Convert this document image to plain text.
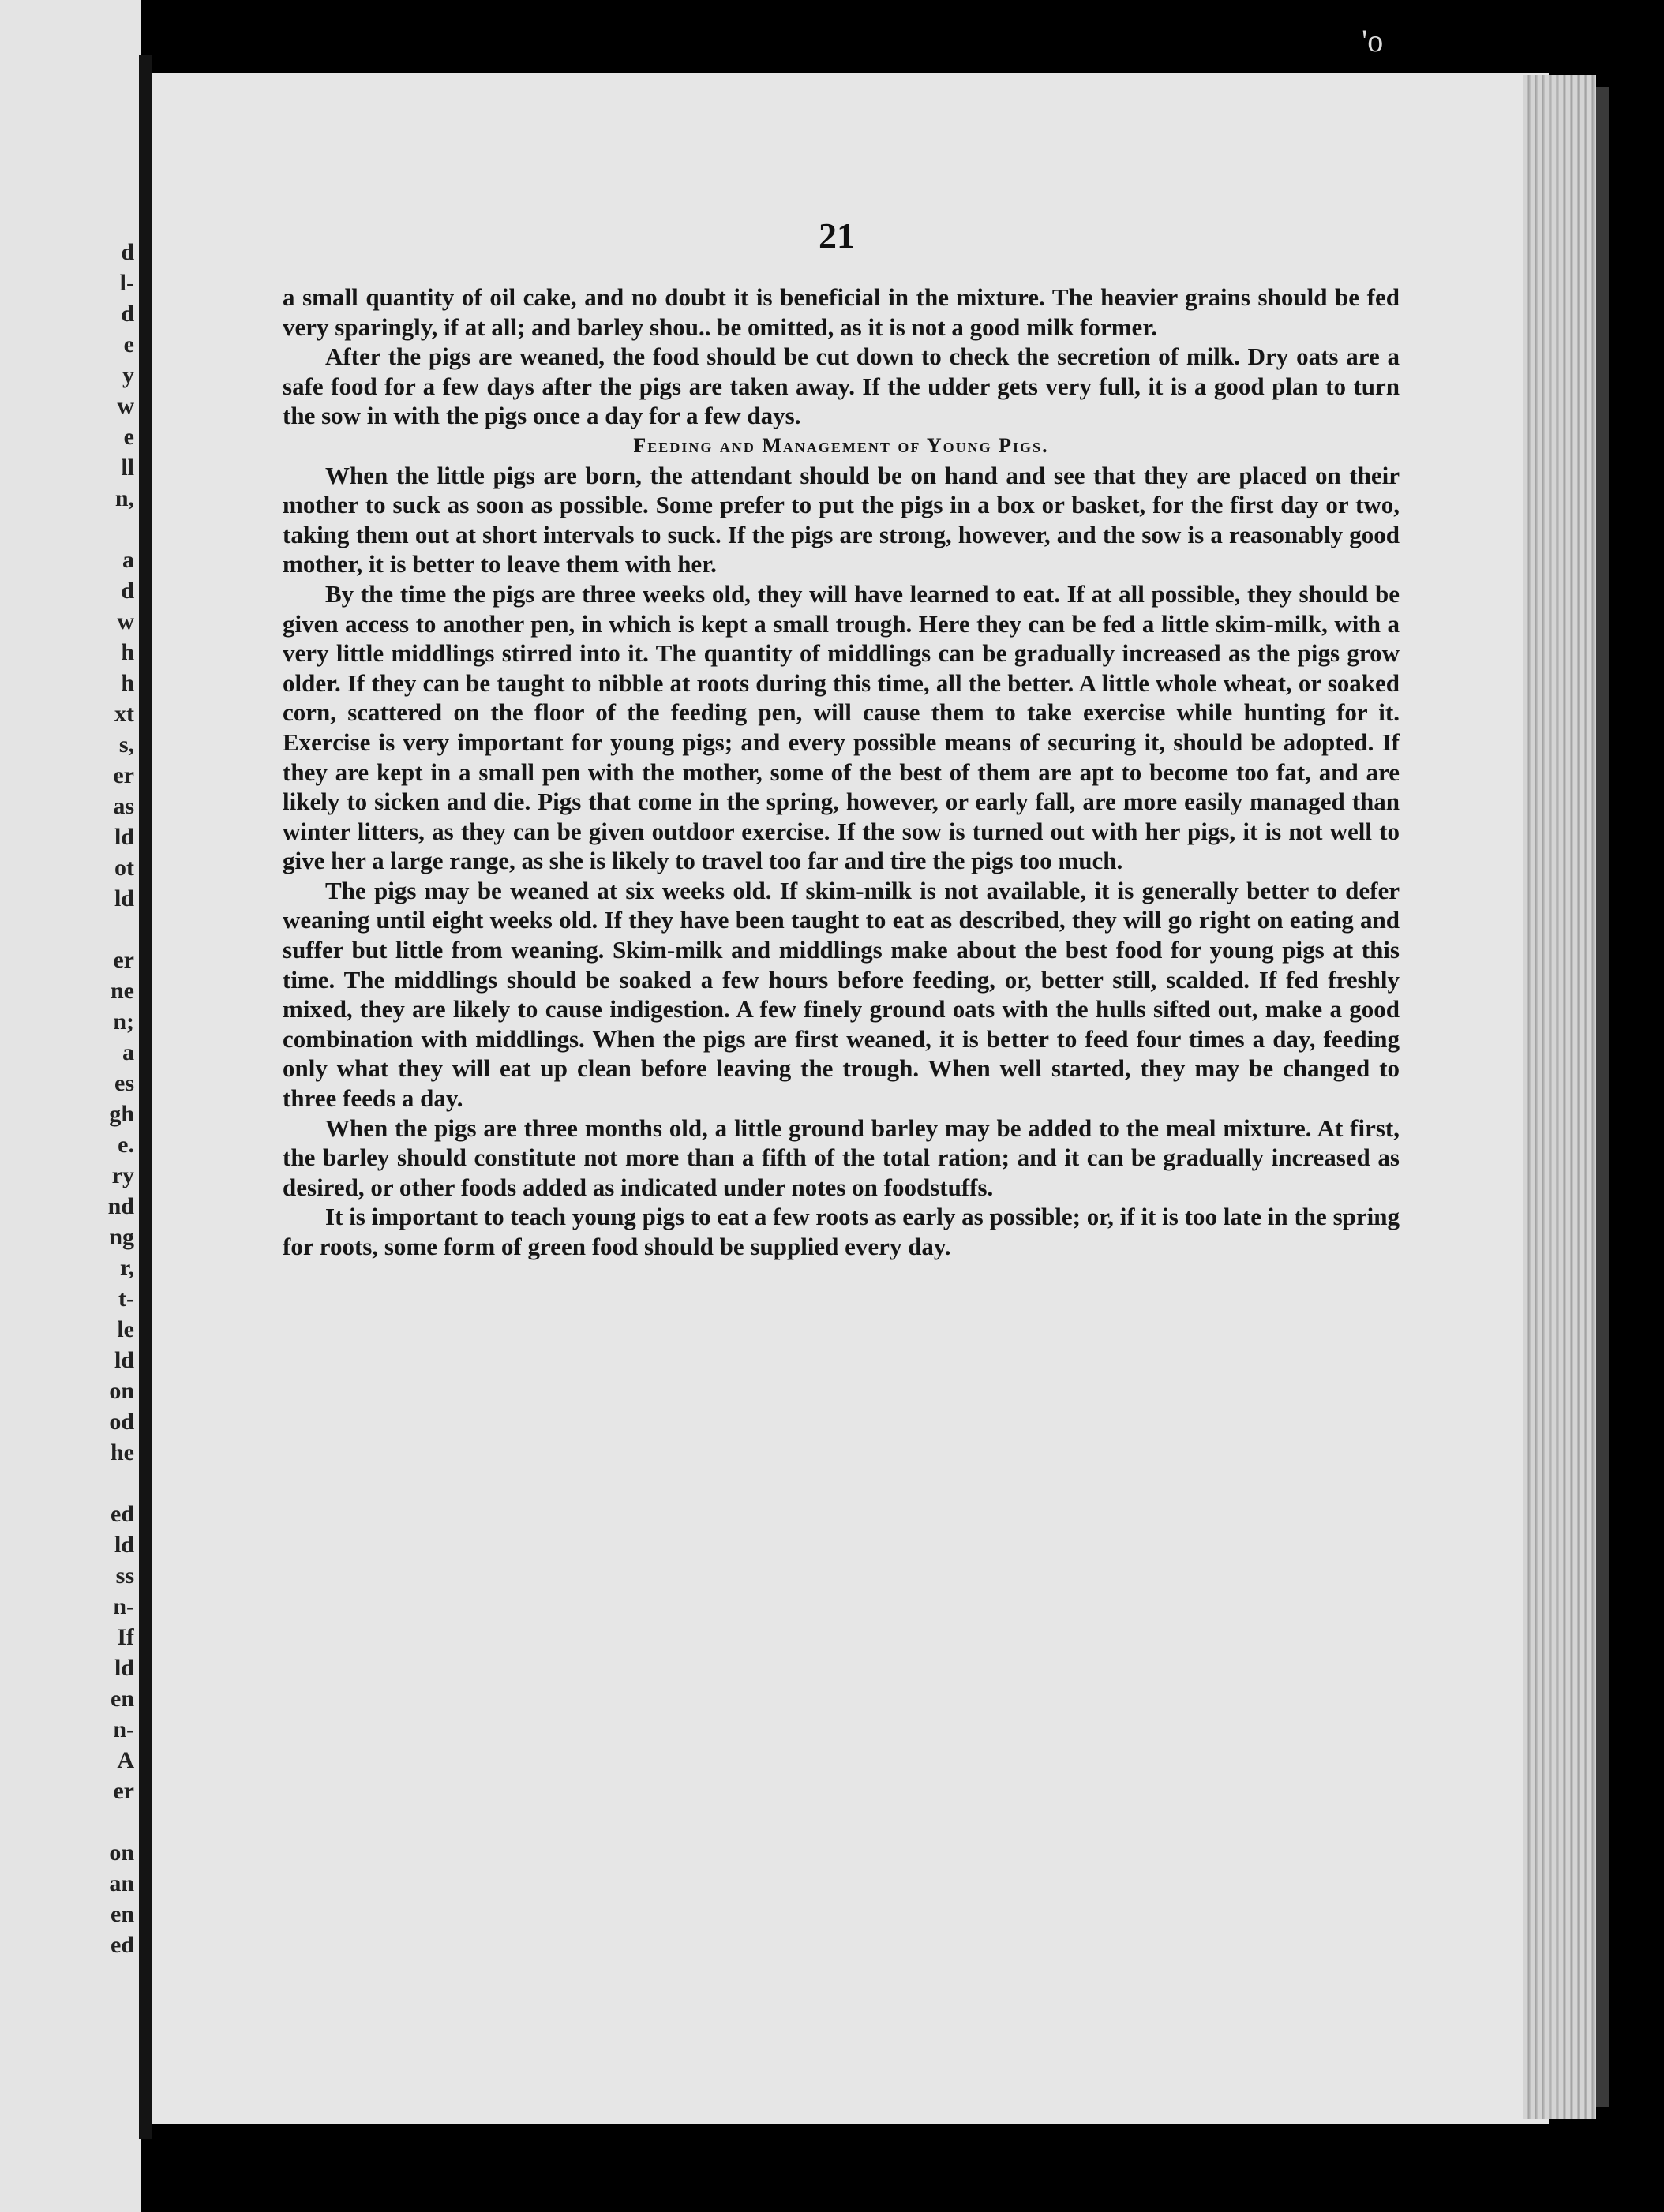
d
l-
d
e
y
w
e
ll
n,
a
d
w
h
h
xt
s,
er
as
ld
ot
ld
er
ne
n;
a
es
gh
e.
ry
nd
ng
r,
t-
le
ld
on
od
he
ed
ld
ss
n-
If
ld
en
n-
A
er
on
an
en
ed
'o
21

a small quantity of oil cake, and no doubt it is beneficial in the mixture. The heavier grains should be fed very sparingly, if at all; and barley shou.. be omitted, as it is not a good milk former.

After the pigs are weaned, the food should be cut down to check the secretion of milk. Dry oats are a safe food for a few days after the pigs are taken away. If the udder gets very full, it is a good plan to turn the sow in with the pigs once a day for a few days.

Feeding and Management of Young Pigs.

When the little pigs are born, the attendant should be on hand and see that they are placed on their mother to suck as soon as possible. Some prefer to put the pigs in a box or basket, for the first day or two, taking them out at short intervals to suck. If the pigs are strong, however, and the sow is a reasonably good mother, it is better to leave them with her.

By the time the pigs are three weeks old, they will have learned to eat. If at all possible, they should be given access to another pen, in which is kept a small trough. Here they can be fed a little skim-milk, with a very little middlings stirred into it. The quantity of middlings can be gradually increased as the pigs grow older. If they can be taught to nibble at roots during this time, all the better. A little whole wheat, or soaked corn, scattered on the floor of the feeding pen, will cause them to take exercise while hunting for it. Exercise is very important for young pigs; and every possible means of securing it, should be adopted. If they are kept in a small pen with the mother, some of the best of them are apt to become too fat, and are likely to sicken and die. Pigs that come in the spring, however, or early fall, are more easily managed than winter litters, as they can be given outdoor exercise. If the sow is turned out with her pigs, it is not well to give her a large range, as she is likely to travel too far and tire the pigs too much.

The pigs may be weaned at six weeks old. If skim-milk is not available, it is generally better to defer weaning until eight weeks old. If they have been taught to eat as described, they will go right on eating and suffer but little from weaning. Skim-milk and middlings make about the best food for young pigs at this time. The middlings should be soaked a few hours before feeding, or, better still, scalded. If fed freshly mixed, they are likely to cause indigestion. A few finely ground oats with the hulls sifted out, make a good combination with middlings. When the pigs are first weaned, it is better to feed four times a day, feeding only what they will eat up clean before leaving the trough. When well started, they may be changed to three feeds a day.

When the pigs are three months old, a little ground barley may be added to the meal mixture. At first, the barley should constitute not more than a fifth of the total ration; and it can be gradually increased as desired, or other foods added as indicated under notes on foodstuffs.

It is important to teach young pigs to eat a few roots as early as possible; or, if it is too late in the spring for roots, some form of green food should be supplied every day.
